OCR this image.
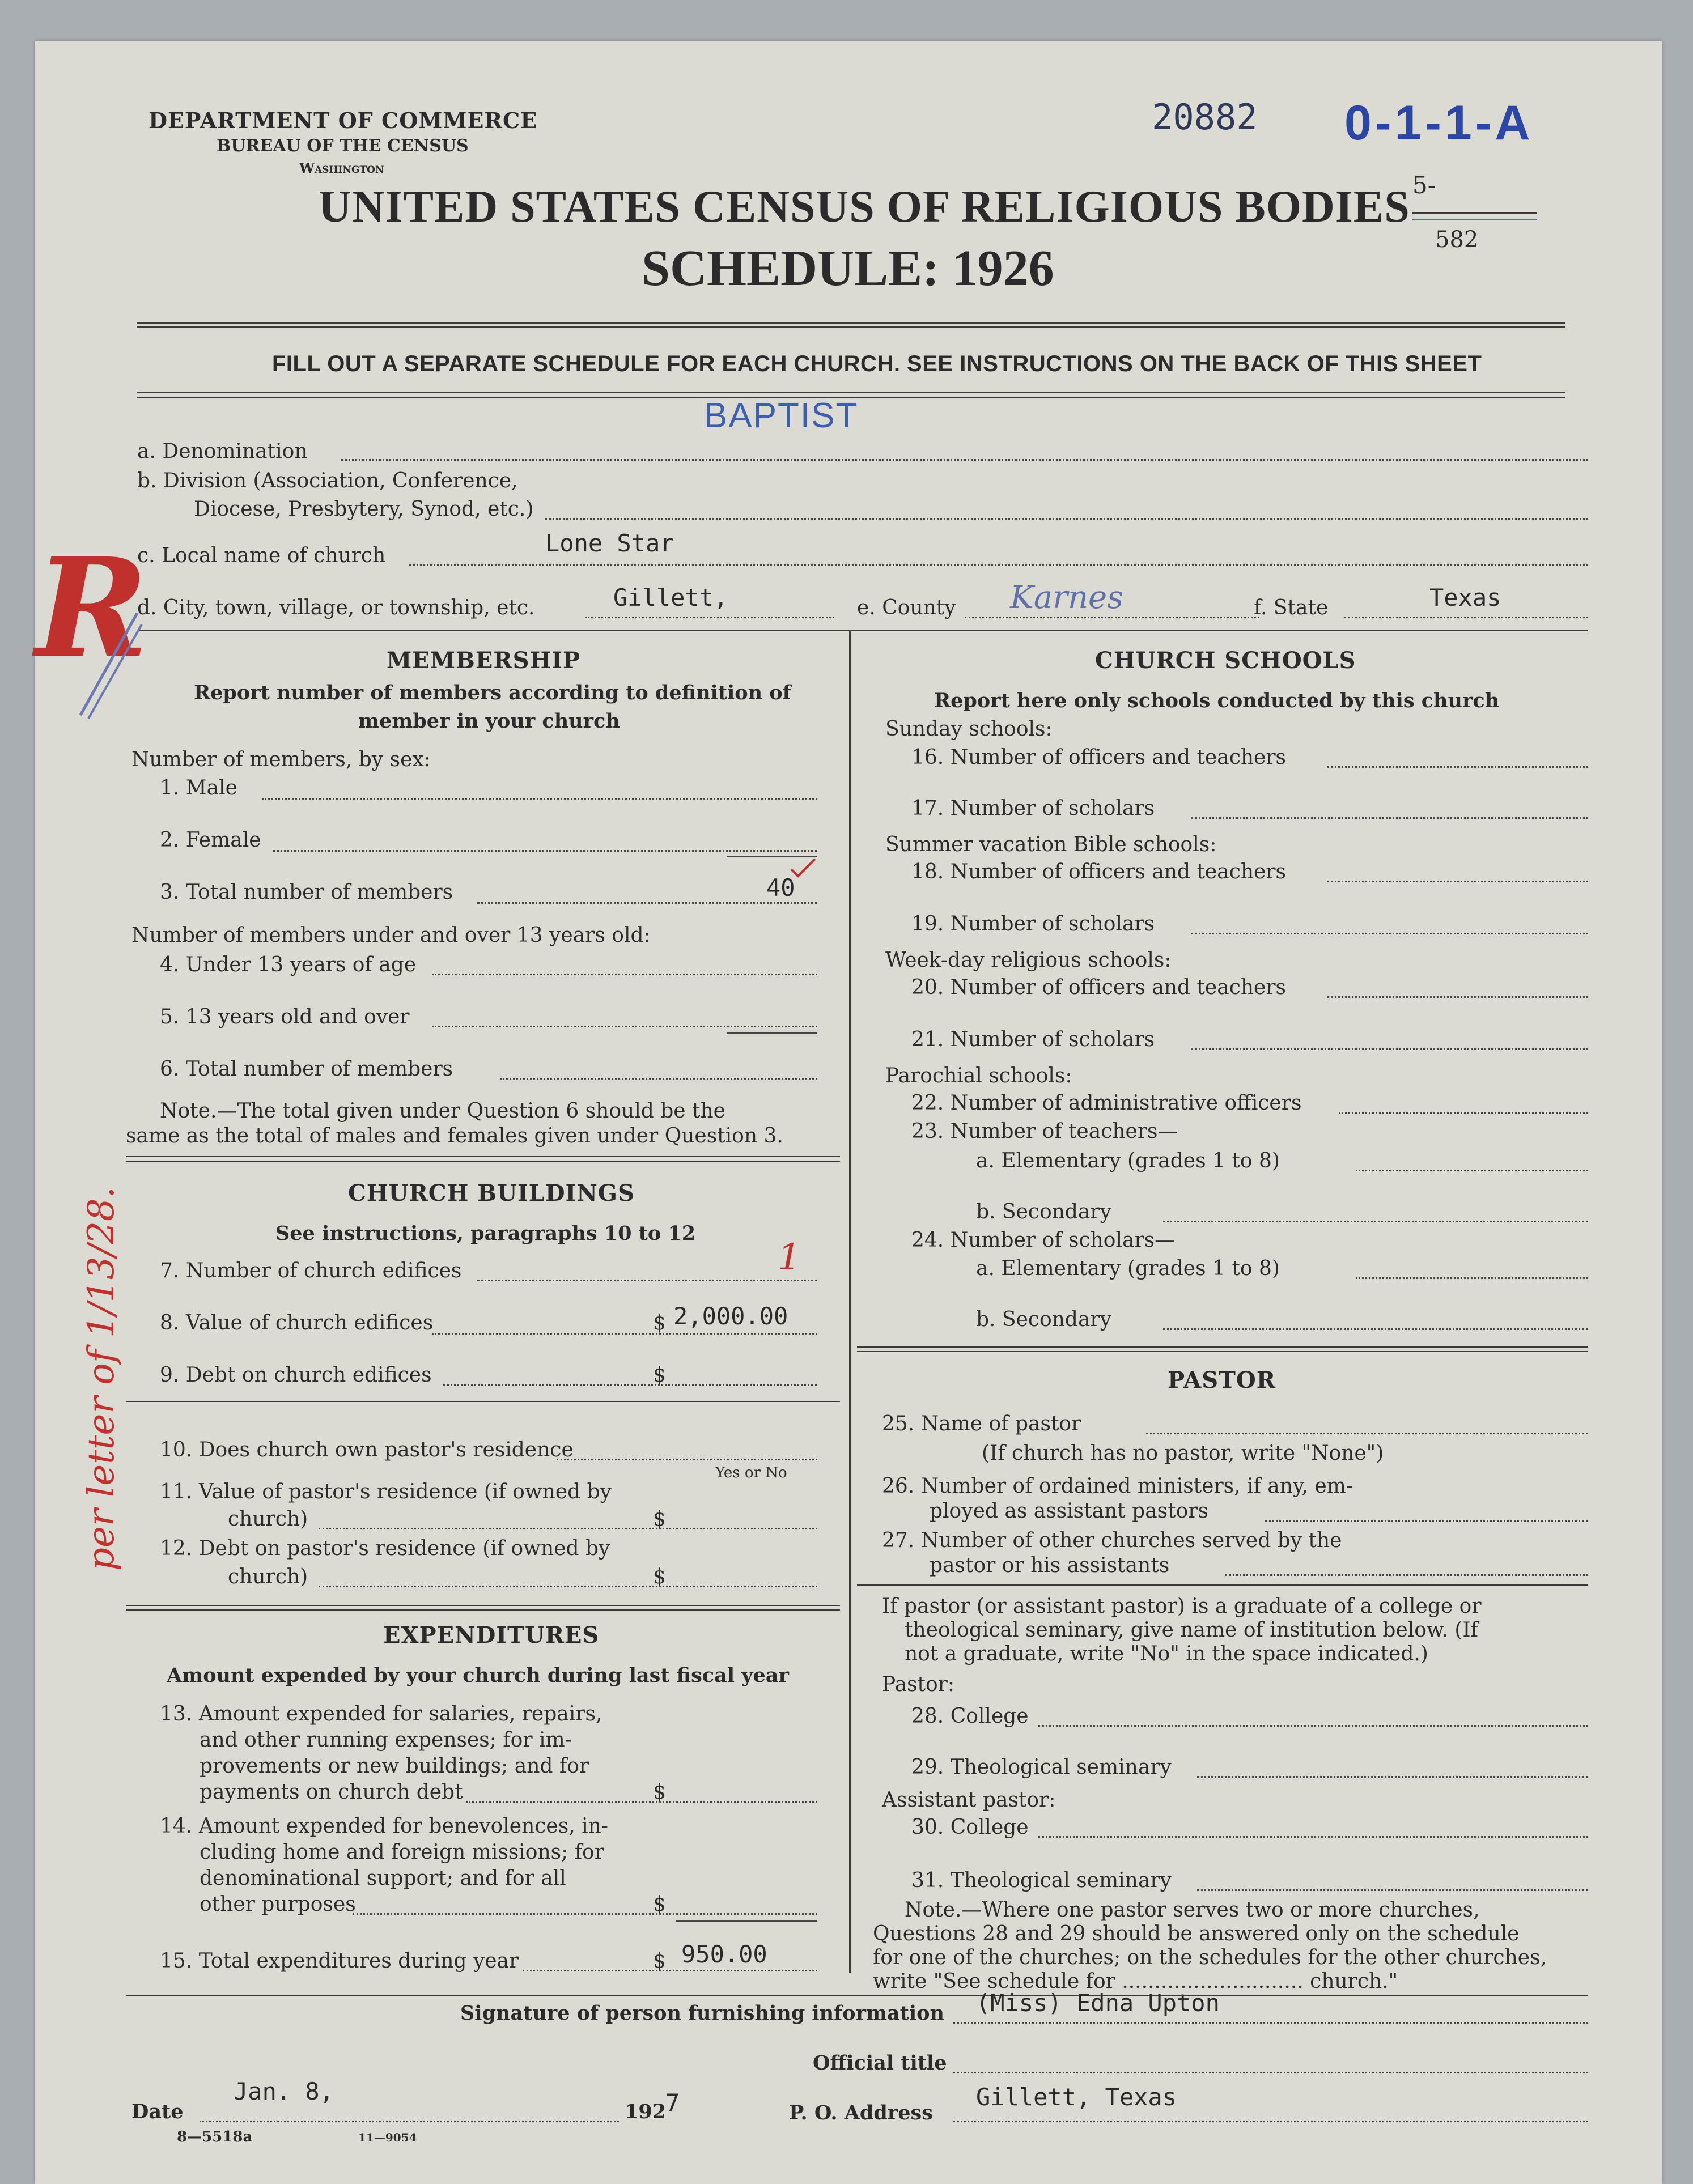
DEPARTMENT OF COMMERCE
BUREAU OF THE CENSUS
Washington
20882 0-1-1-A
5-
582
UNITED STATES CENSUS OF RELIGIOUS BODIES
SCHEDULE: 1926
FILL OUT A SEPARATE SCHEDULE FOR EACH CHURCH. SEE INSTRUCTIONS ON THE BACK OF THIS SHEET
BAPTIST
a. Denomination
b. Division (Association, Conference,
Diocese, Presbytery, Synod, etc.)
Lone Star
c. Local name of church
d. City, town, village, or township, etc.	Gillett,	e. County Karnes	f. State	Texas
R
per letter of 1/13/28.
MEMBERSHIP
Report number of members according to definition of
member in your church
Number of members, by sex:
1. Male
2. Female
3. Total number of members	40
Number of members under and over 13 years old:
4. Under 13 years of age
5. 13 years old and over
6. Total number of members
Note.—The total given under Question 6 should be the
same as the total of males and females given under Question 3.
CHURCH BUILDINGS
See instructions, paragraphs 10 to 12
7. Number of church edifices	1
8. Value of church edifices	$ 2,000.00
9. Debt on church edifices	$
10. Does church own pastor's residence
Yes or No
11. Value of pastor's residence (if owned by
church)	$
12. Debt on pastor's residence (if owned by
church)	$
EXPENDITURES
Amount expended by your church during last fiscal year
13. Amount expended for salaries, repairs,
and other running expenses; for im-
provements or new buildings; and for
payments on church debt	$
14. Amount expended for benevolences, in-
cluding home and foreign missions; for
denominational support; and for all
other purposes	$
15. Total expenditures during year	$ 950.00
CHURCH SCHOOLS
Report here only schools conducted by this church
Sunday schools:
16. Number of officers and teachers
17. Number of scholars
Summer vacation Bible schools:
18. Number of officers and teachers
19. Number of scholars
Week-day religious schools:
20. Number of officers and teachers
21. Number of scholars
Parochial schools:
22. Number of administrative officers
23. Number of teachers—
a. Elementary (grades 1 to 8)
b. Secondary
24. Number of scholars—
a. Elementary (grades 1 to 8)
b. Secondary
PASTOR
25. Name of pastor
(If church has no pastor, write "None")
26. Number of ordained ministers, if any, em-
ployed as assistant pastors
27. Number of other churches served by the
pastor or his assistants
If pastor (or assistant pastor) is a graduate of a college or
theological seminary, give name of institution below. (If
not a graduate, write "No" in the space indicated.)
Pastor:
28. College
29. Theological seminary
Assistant pastor:
30. College
31. Theological seminary
Note.—Where one pastor serves two or more churches,
Questions 28 and 29 should be answered only on the schedule
for one of the churches; on the schedules for the other churches,
write "See schedule for ............................ church."
Signature of person furnishing information (Miss) Edna Upton
Official title
Date
Jan. 8,
192
7	P. O. Address
Gillett, Texas
8—5518a	11—9054
